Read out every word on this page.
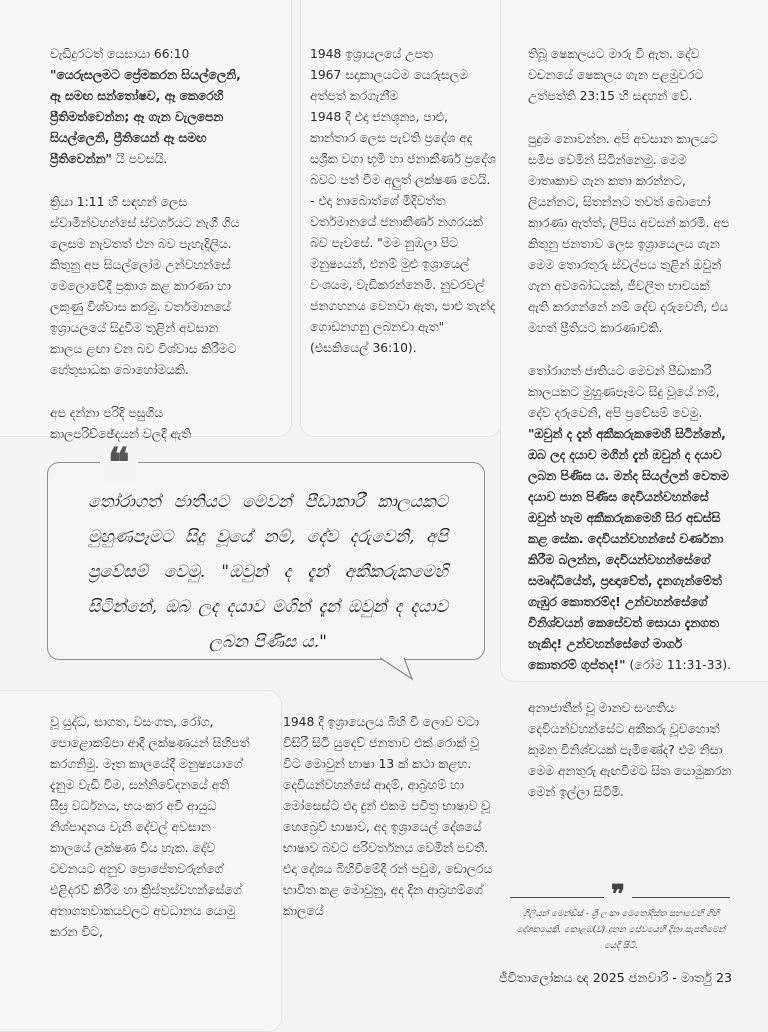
වැඩිදුරටත් යෙසායා 66:10 "යෙරුසලමට ප්‍රේමකරන සියල්ලෙනි, ඈ සමඟ සන්තෝෂව, ඈ කෙරෙහි ප්‍රීතිමත්වෙන්න; ඈ ගැන වැලපෙන සියල්ලෙනි, ප්‍රීතියෙන් ඈ සමඟ ප්‍රීතිවෙන්න" යි පවසයි.

ක්‍රියා 1:11 හි සඳහන් ලෙස ස්වාමීන්වහන්සේ ස්වර්ගයට නැගී ගිය ලෙසම නැවතත් එන බව පැහැදිලිය. කිතුනු අප සියල්ලෝම උන්වහන්සේ මෙලොවේදී ප්‍රකාශ කළ කාරණා හා ලකුණු විශ්වාස කරමු. වර්තමානයේ ඉශ්‍රායලයේ සිදුවීම තුළින් අවසාන කාලය ළඟා වන බව විශ්වාස කිරීමට හේතුසාධක බොහෝමයකි.

අප දන්නා පරිදි පසුගිය කාලපරිච්ඡේදයන් වලදී ඇති

1948 ඉශ්‍රායලයේ උපත
1967 සදාකාලයටම යෙරුසලම අත්පත් කරගැනීම
1948 දී එදා ජනශූන්‍ය, පාළු, කාන්තාර ලෙස පැවති ප්‍රදේශ අද සශ්‍රීක වගා භූමි හා ජනාකීර්ණ ප්‍රදේශ බවට පත් වීම අලුත් ලක්ෂණ වෙයි. - එදා නාබොත්ගේ මිදිවත්ත වර්තමානයේ ජනාකීර්ණ නගරයක් බව පැවසේ. "මම නුඹලා පිට මනුෂ්‍යයන්, එනම් මුළු ඉශ්‍රායෙල් වංශයම, වැඩිකරන්නෙමි. නුවරවල් ජනගහනය වෙනවා ඇත, පාළු තැන්ද ගොඩනගනු ලබනවා ඇත" (එසකියෙල් 36:10).

තිබූ ෂෙකලයට මාරු වී ඇත. දේව වචනයේ ෂෙකලය ගැන පළමුවරට උත්පත්ති 23:15 හි සඳහන් වේ.

පුදුම නොවන්න. අපි අවසාන කාලයට සමීප වෙමින් සිටින්නෙමු. මෙම මාතෘකාව ගැන කතා කරන්නට, ලියන්නට, සිතන්නට තවත් බොහෝ කාරණා ඇත්ත්, ලිපිය අවසන් කරමි. අප කිතුනු ජනතාව ලෙස ඉශ්‍රායෙලය ගැන මෙම තොරතුරු ස්වල්පය තුළින් ඔවුන් ගැන අවබෝධයක්, ජීවලිත භාවයක් ඇති කරගන්නේ නම් දේව දරුවෙනි, එය මහත් ප්‍රීතියට කාරණාවකි.

තෝරාගත් ජාතියට මෙවන් පීඩාකාරී කාලයකට මුහුණපෑමට සිදු වූයේ නම්, දේව දරුවෙනි, අපි ප්‍රවේසම් වෙමු. "ඔවුන් ද දැන් අකීකරුකමෙහි සිටින්නේ, ඔබ ලද දයාව මගින් දැන් ඔවුන් ද දයාව ලබන පිණිස ය. මන්ද සියල්ලන් වෙතම දයාව පාන පිණිස දෙවියන්වහන්සේ ඔවුන් හැම අකීකරුකමෙහි සිර අඩස්සි කළ සේක. දෙවියන්වහන්සේ වර්ණනා කිරීම බලන්න, දෙවියන්වහන්සේගේ සමෘද්ධියේත්, ප්‍රඥාවේත්, දැනගැන්මේත් ගැඹුර කොතරම්ද! උන්වහන්සේගේ විනිශ්චයන් කෙසේවත් සොයා දැනගත හැකිද! උන්වහන්සේගේ මාර්ග කොතරම් ගුප්තද!" (රෝම 11:31-33).

අනාජාතීන් වූ මානව සංහතිය දෙවියන්වහන්සේට අකීකරු වූවහොත් කුමන විනිශ්චයක් පැමිණේද? එම නිසා මෙම අනතුරු ඇඟවීමට සිත යොමුකරන මෙන් ඉල්ලා සිටිමි.

❝
තෝරාගත් ජාතියට මෙවන් පීඩාකාරී කාලයකට මුහුණපෑමට සිදු වූයේ නම්, දේව දරුවෙනි, අපි ප්‍රවේසම් වෙමු. "ඔවුන් ද දැන් අකීකරුකමෙහි සිටින්නේ, ඔබ ලද දයාව මගින් දැන් ඔවුන් ද දයාව ලබන පිණිස ය."

වූ යුද්ධ, සාගත, වසංගත, රෝග, පොළොකම්පා ආදී ලක්ෂණයන් සිහිපත් කරගනිමු. මෑත කාලයේදී මනුෂ්‍යයාගේ දැනුම වැඩි වීම, සන්නිවේදනයේ අති සීඝ්‍ර වර්ධනය, භයංකර අවි ආයුධ නිශ්පාදනය වැනි දේවල් අවසාන කාලයේ ලක්ෂණ විය හැක. දේව වචනයට අනුව ප්‍රොපේතවරුන්ගේ එළිදරව් කිරීම හා ක්‍රිස්තුස්වහන්සේගේ අනාගතවාකයවලට අවධානය යොමු කරන විට,

1948 දී ඉශ්‍රායෙලය බිහි වී ලොව වටා විසිරී සිටි යුදෙව් ජනතාව එක් රොක් වූ විට මොවුන් භාෂා 13 ක් කථා කළහ. දෙවියන්වහන්සේ ආදම්, ආබ්‍රහම් හා මෝසෙස්ට එදා දුන් එකම පවිත්‍ර භාෂාව වූ හෙබ්‍රෙව් භාෂාව, අද ඉශ්‍රායෙල් දේශයේ භාෂාව බවට පරිවර්තනය වෙමින් පවතී. එදා දේශය බිහිවීමේදී රන් පවුම, ඩොලරය භාවිත කළ මොවුනු, අද දින ආබ්‍රහම්ගේ කාලයේ

❞
ගිලියන් මෙන්ඩිස් - ශ්‍රී ලංකා මෙතෝදිස්ත සභාවෙහි ගිහි දේශකයෙකි. කොළඹ(ව) දුනන සේවයෙහි දිනා සැපතිමෙන් යෙදී සිටී.
ජීවිතාලෝකය ඥ 2025 ජනවාරි - මාර්තු 23
